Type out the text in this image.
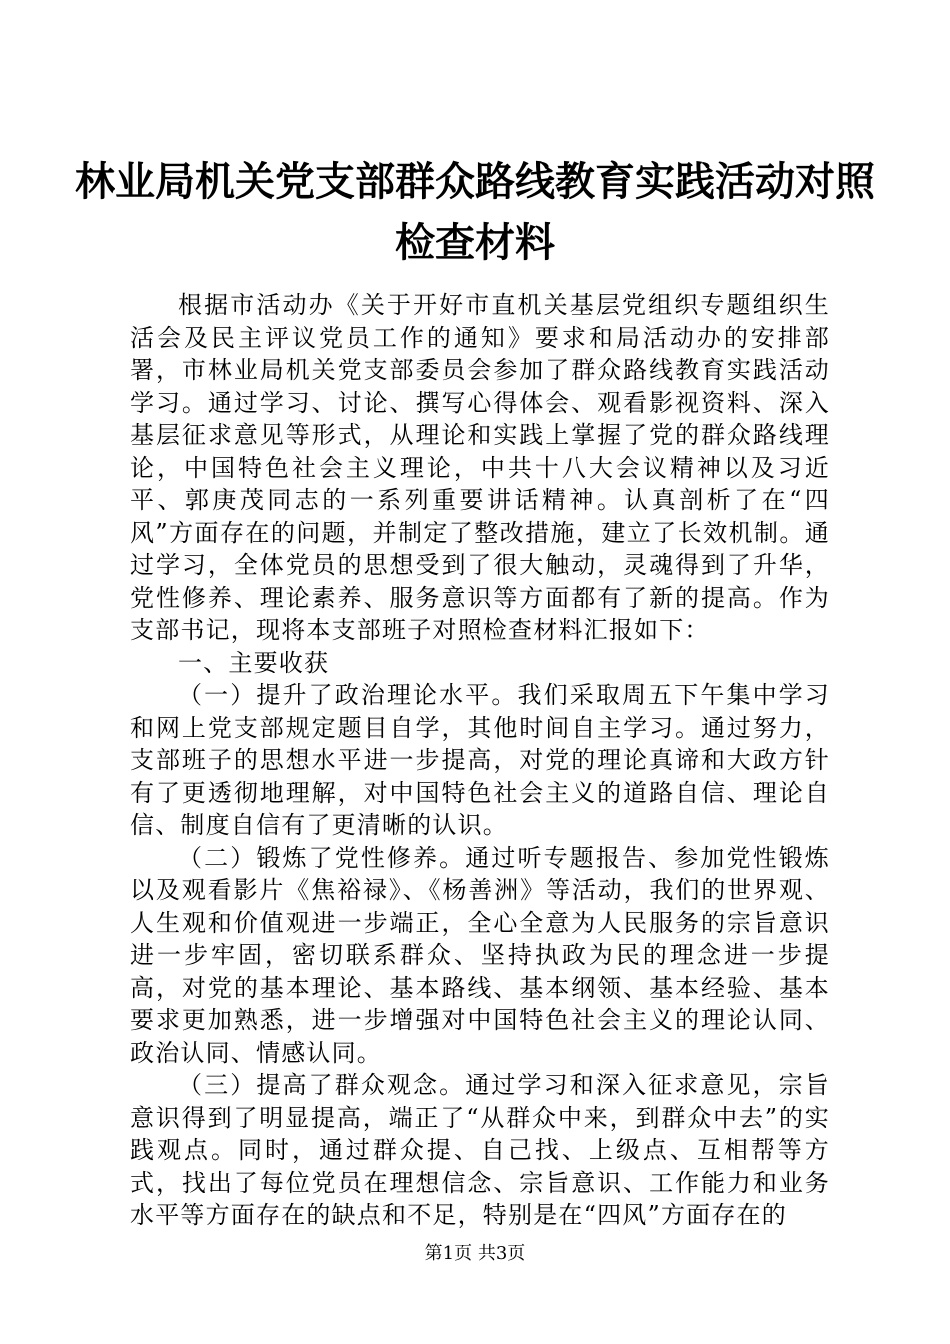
林业局机关党支部群众路线教育实践活动对照
检查材料

根据市活动办《关于开好市直机关基层党组织专题组织生活会及民主评议党员工作的通知》要求和局活动办的安排部署，市林业局机关党支部委员会参加了群众路线教育实践活动学习。通过学习、讨论、撰写心得体会、观看影视资料、深入基层征求意见等形式，从理论和实践上掌握了党的群众路线理论，中国特色社会主义理论，中共十八大会议精神以及习近平、郭庚茂同志的一系列重要讲话精神。认真剖析了在“四风”方面存在的问题，并制定了整改措施，建立了长效机制。通过学习，全体党员的思想受到了很大触动，灵魂得到了升华，党性修养、理论素养、服务意识等方面都有了新的提高。作为支部书记，现将本支部班子对照检查材料汇报如下：

一、主要收获

（一）提升了政治理论水平。我们采取周五下午集中学习和网上党支部规定题目自学，其他时间自主学习。通过努力，支部班子的思想水平进一步提高，对党的理论真谛和大政方针有了更透彻地理解，对中国特色社会主义的道路自信、理论自信、制度自信有了更清晰的认识。

（二）锻炼了党性修养。通过听专题报告、参加党性锻炼以及观看影片《焦裕禄》、《杨善洲》等活动，我们的世界观、人生观和价值观进一步端正，全心全意为人民服务的宗旨意识进一步牢固，密切联系群众、坚持执政为民的理念进一步提高，对党的基本理论、基本路线、基本纲领、基本经验、基本要求更加熟悉，进一步增强对中国特色社会主义的理论认同、政治认同、情感认同。

（三）提高了群众观念。通过学习和深入征求意见，宗旨意识得到了明显提高，端正了“从群众中来，到群众中去”的实践观点。同时，通过群众提、自己找、上级点、互相帮等方式，找出了每位党员在理想信念、宗旨意识、工作能力和业务水平等方面存在的缺点和不足，特别是在“四风”方面存在的

第1页 共3页
